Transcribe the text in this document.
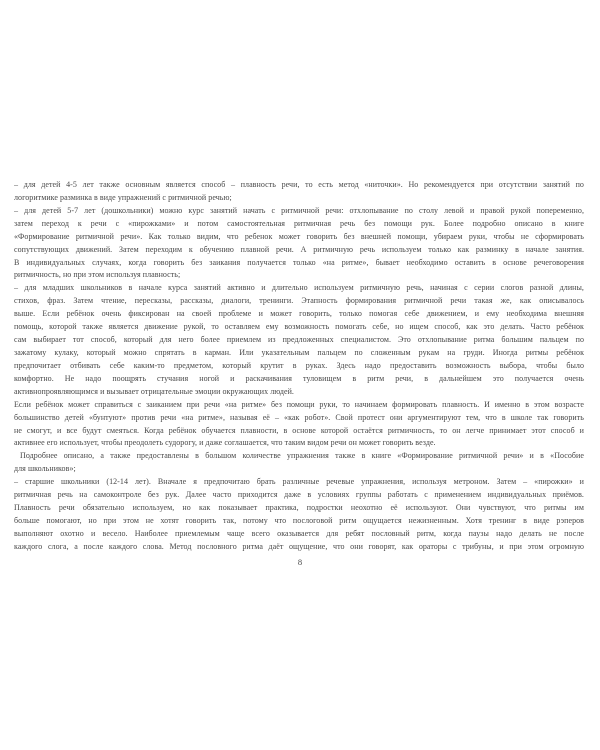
– для детей 4-5 лет также основным является способ – плавность речи, то есть метод «ниточки». Но рекомендуется при отсутствии занятий по
логоритмике разминка в виде упражнений с ритмичной речью;
– для детей 5-7 лет (дошкольники) можно курс занятий начать с ритмичной речи: отхлопывание по столу левой и правой рукой попеременно,
затем переход к речи с «пирожками» и потом самостоятельная ритмичная речь без помощи рук. Более подробно описано в книге
«Формирование ритмичной речи». Как только видим, что ребенок может говорить без внешней помощи, убираем руки, чтобы не сформировать
сопутствующих движений. Затем переходим к обучению плавной речи. А ритмичную речь используем только как разминку в начале занятия.
В индивидуальных случаях, когда говорить без заикания получается только «на ритме», бывает необходимо оставить в основе речеговорения
ритмичность, но при этом используя плавность;
– для младших школьников в начале курса занятий активно и длительно используем ритмичную речь, начиная с серии слогов разной длины,
стихов, фраз. Затем чтение, пересказы, рассказы, диалоги, тренинги. Этапность формирования ритмичной речи такая же, как описывалось
выше. Если ребёнок очень фиксирован на своей проблеме и может говорить, только помогая себе движением, и ему необходима внешняя
помощь, которой также является движение рукой, то оставляем ему возможность помогать себе, но ищем способ, как это делать. Часто ребёнок
сам выбирает тот способ, который для него более приемлем из предложенных специалистом. Это отхлопывание ритма большим пальцем по
зажатому кулаку, который можно спрятать в карман. Или указательным пальцем по сложенным рукам на груди. Иногда ритмы ребёнок
предпочитает отбивать себе каким-то предметом, который крутит в руках. Здесь надо предоставить возможность выбора, чтобы было
комфортно. Не надо поощрять стучания ногой и раскачивания туловищем в ритм речи, в дальнейшем это получается очень
активнопроявляющимся и вызывает отрицательные эмоции окружающих людей.
Если ребёнок может справиться с заиканием при речи «на ритме» без помощи руки, то начинаем формировать плавность. И именно в этом возрасте
большинство детей «бунтуют» против речи «на ритме», называя её – «как робот». Свой протест они аргументируют тем, что в школе так говорить
не смогут, и все будут смеяться. Когда ребёнок обучается плавности, в основе которой остаётся ритмичность, то он легче принимает этот способ и
активнее его использует, чтобы преодолеть судорогу, и даже соглашается, что таким видом речи он может говорить везде.
Подробнее описано, а также предоставлены в большом количестве упражнения также в книге «Формирование ритмичной речи» и в «Пособие
для школьников»;
– старшие школьники (12-14 лет). Вначале я предпочитаю брать различные речевые упражнения, используя метроном. Затем – «пирожки» и
ритмичная речь на самоконтроле без рук. Далее часто приходится даже в условиях группы работать с применением индивидуальных приёмов.
Плавность речи обязательно используем, но как показывает практика, подростки неохотно её используют. Они чувствуют, что ритмы им
больше помогают, но при этом не хотят говорить так, потому что послоговой ритм ощущается нежизненным. Хотя тренинг в виде рэперов
выполняют охотно и весело. Наиболее приемлемым чаще всего оказывается для ребят пословный ритм, когда паузы надо делать не после
каждого слога, а после каждого слова. Метод пословного ритма даёт ощущение, что они говорят, как ораторы с трибуны, и при этом огромную
8
